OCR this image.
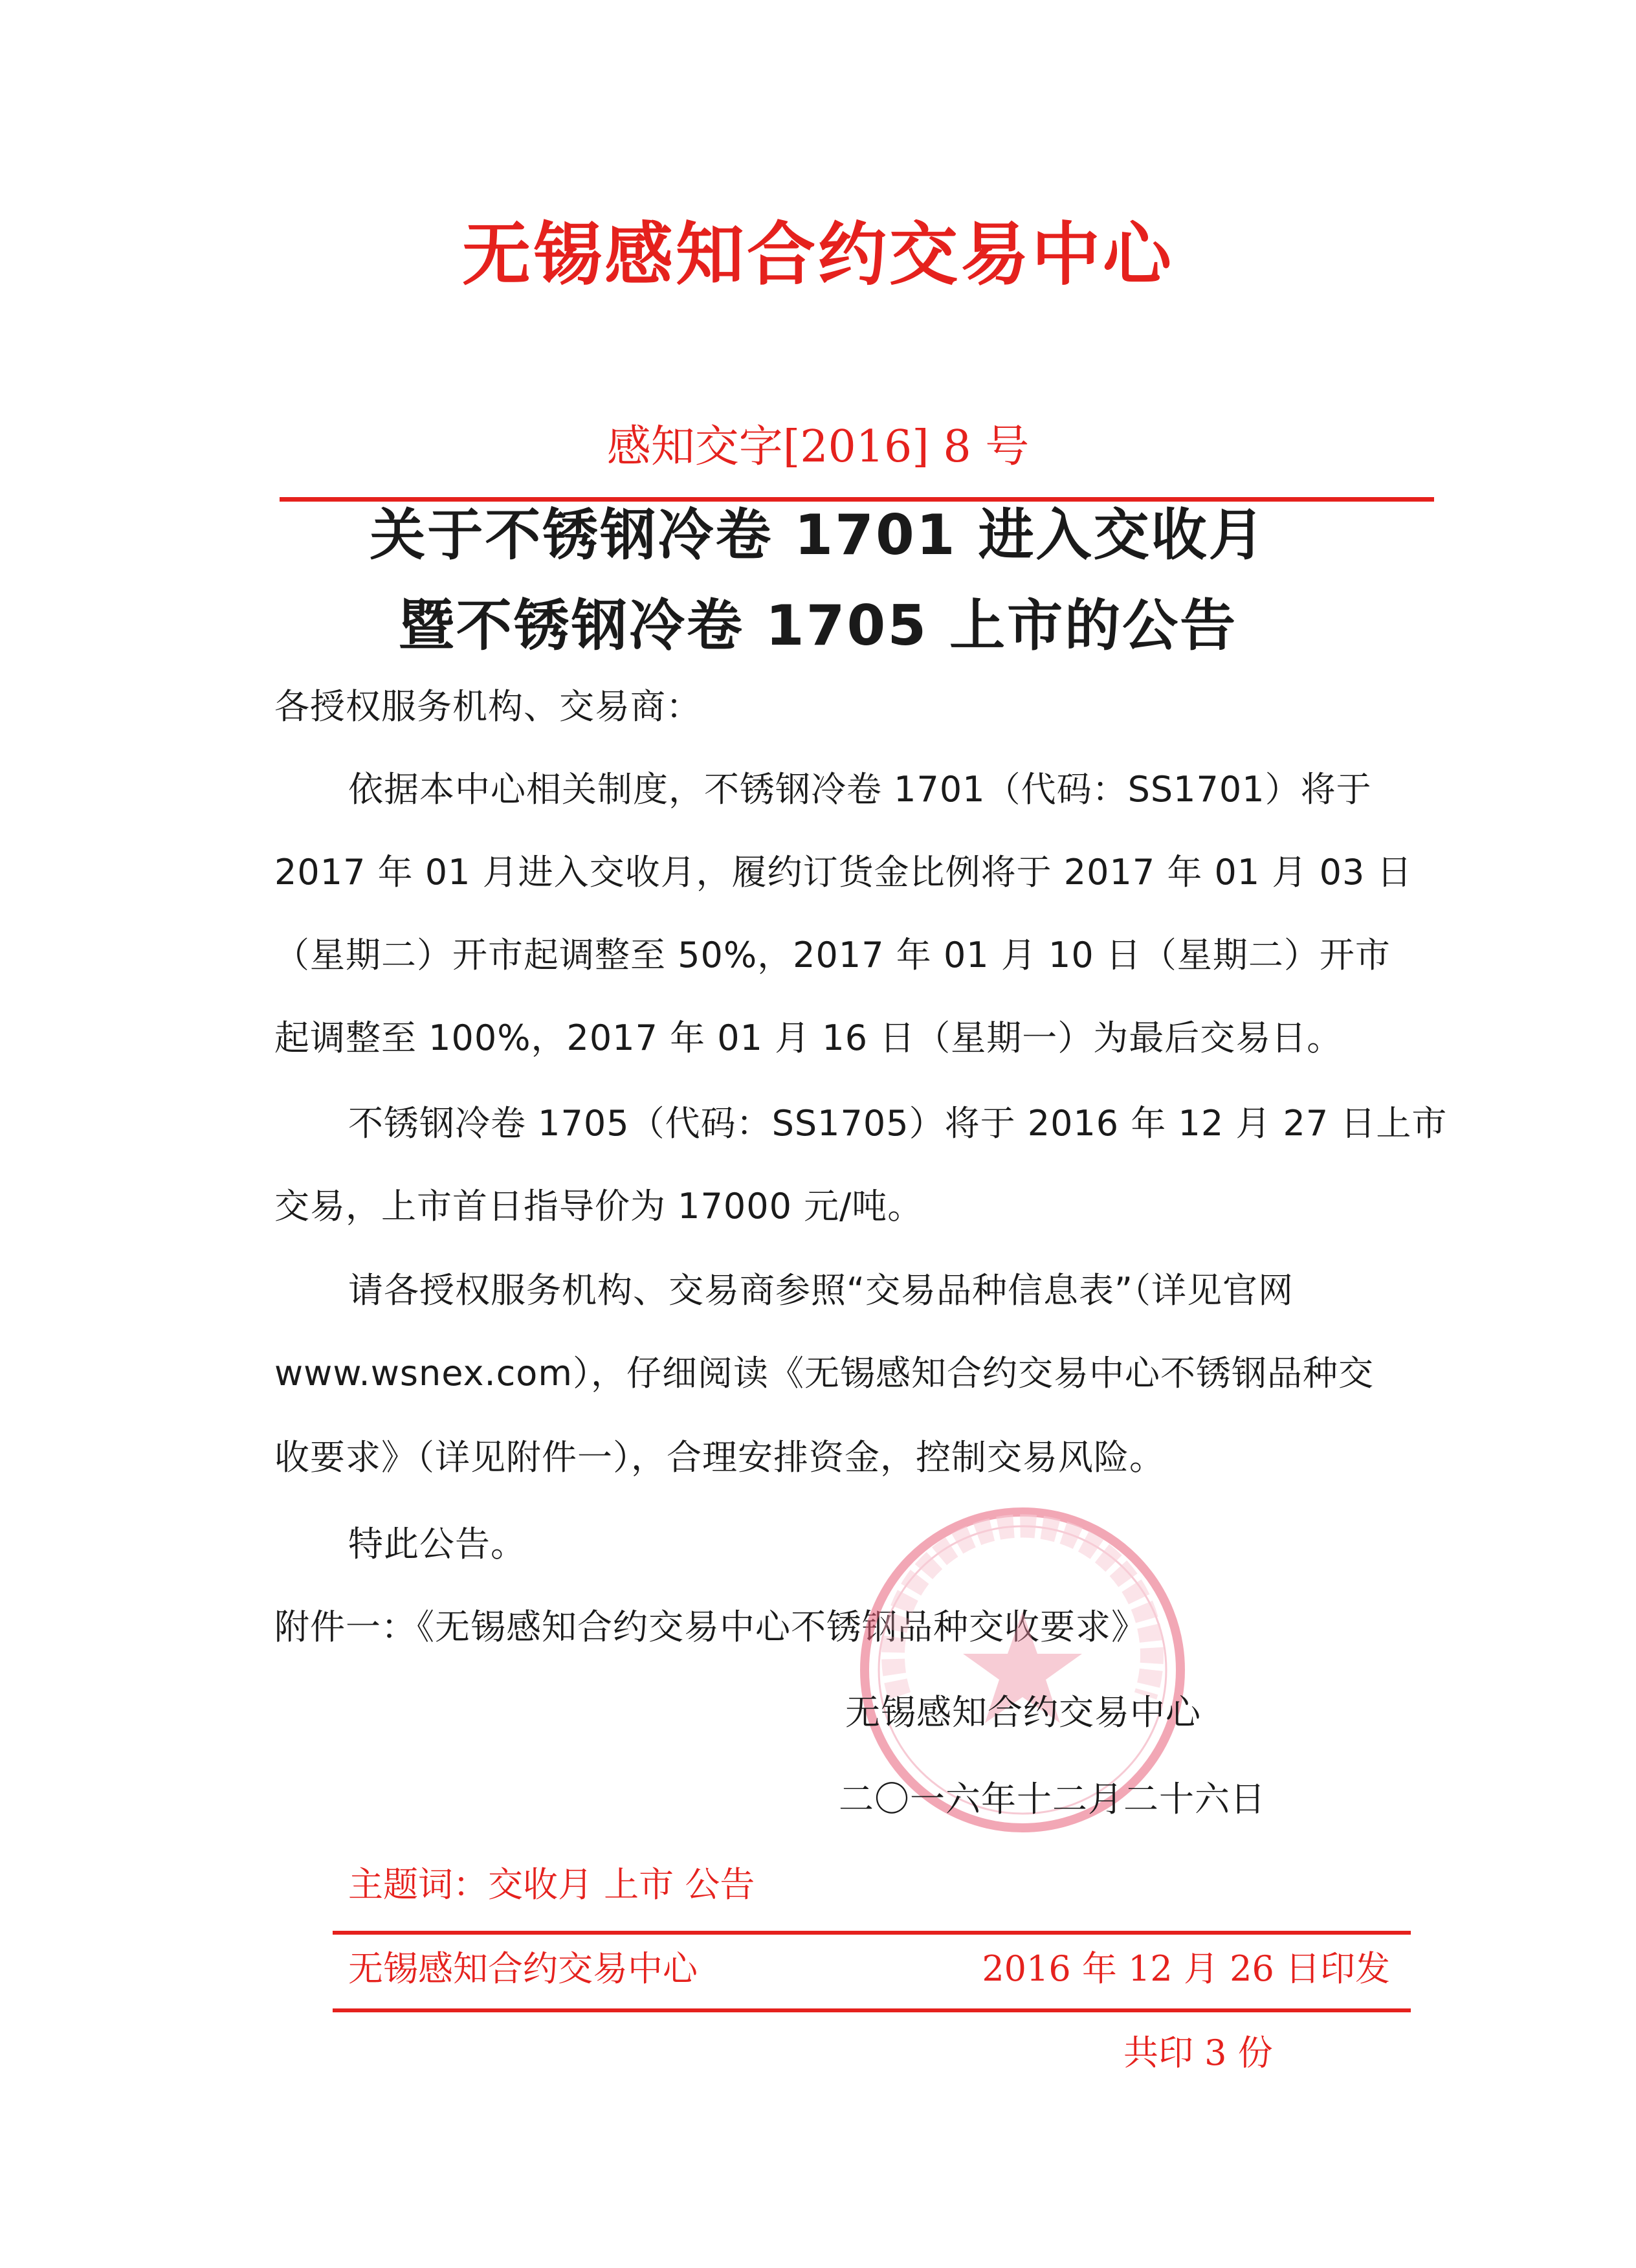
无锡感知合约交易中心
感知交字[2016] 8 号
关于不锈钢冷卷 1701 进入交收月
暨不锈钢冷卷 1705 上市的公告
各授权服务机构、交易商：
依据本中心相关制度，不锈钢冷卷 1701（代码：SS1701）将于
2017 年 01 月进入交收月，履约订货金比例将于 2017 年 01 月 03 日
（星期二）开市起调整至 50%，2017 年 01 月 10 日（星期二）开市
起调整至 100%，2017 年 01 月 16 日（星期一）为最后交易日。
不锈钢冷卷 1705（代码：SS1705）将于 2016 年 12 月 27 日上市
交易，上市首日指导价为 17000 元/吨。
请各授权服务机构、交易商参照“交易品种信息表”（详见官网
www.wsnex.com），仔细阅读《无锡感知合约交易中心不锈钢品种交
收要求》（详见附件一），合理安排资金，控制交易风险。
特此公告。
附件一：《无锡感知合约交易中心不锈钢品种交收要求》
无锡感知合约交易中心
二〇一六年十二月二十六日
主题词：交收月 上市 公告
无锡感知合约交易中心	2016 年 12 月 26 日印发
共印 3 份
